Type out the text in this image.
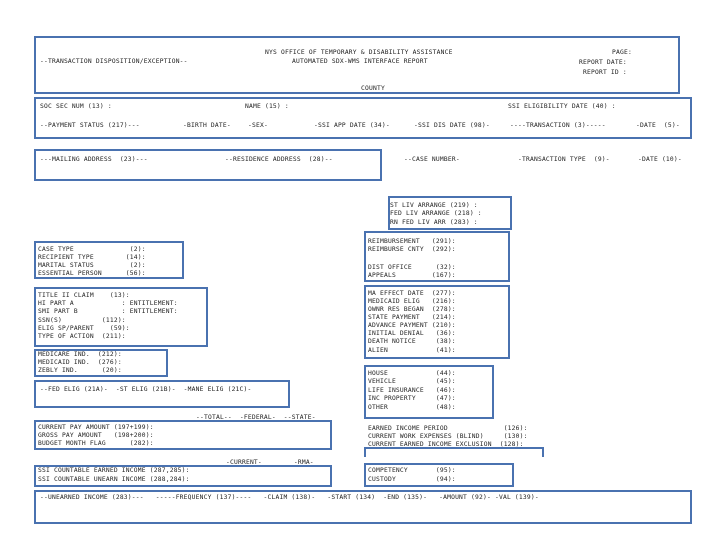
NYS OFFICE OF TEMPORARY & DISABILITY ASSISTANCE
AUTOMATED SDX-WMS INTERFACE REPORT
--TRANSACTION DISPOSITION/EXCEPTION--
PAGE:
REPORT DATE:
REPORT ID :
COUNTY
SOC SEC NUM (13) :	NAME (15) :	SSI ELIGIBILITY DATE (40) :
--PAYMENT STATUS (217)---	-BIRTH DATE-	-SEX-	-SSI APP DATE (34)-	-SSI DIS DATE (98)-	----TRANSACTION (3)-----	-DATE  (5)-
---MAILING ADDRESS  (23)---	--RESIDENCE ADDRESS  (28)--	--CASE NUMBER-	-TRANSACTION TYPE  (9)-	-DATE (10)-
ST LIV ARRANGE (219) :
FED LIV ARRANGE (218) :
RN FED LIV ARR (283) :
CASE TYPE              (2):
RECIPIENT TYPE        (14):
MARITAL STATUS         (2):
ESSENTIAL PERSON      (56):
REIMBURSEMENT   (291):
REIMBURSE CNTY  (292):
DIST OFFICE      (32):
APPEALS         (167):
TITLE II CLAIM    (13):
HI PART A            : ENTITLEMENT:
SMI PART B           : ENTITLEMENT:
SSN(S)          (112):
ELIG SP/PARENT    (59):
TYPE OF ACTION  (211):
MEDICARE IND.  (212):
MEDICAID IND.  (276):
ZEBLY IND.      (20):
MA EFFECT DATE  (277):
MEDICAID ELIG   (216):
OWNR RES BEGAN  (278):
STATE PAYMENT   (214):
ADVANCE PAYMENT (210):
INITIAL DENIAL   (36):
DEATH NOTICE     (38):
ALIEN            (41):
--FED ELIG (21A)-  -ST ELIG (21B)-  -MANE ELIG (21C)-
HOUSE            (44):
VEHICLE          (45):
LIFE INSURANCE   (46):
INC PROPERTY     (47):
OTHER            (48):
--TOTAL--  -FEDERAL-  --STATE-
CURRENT PAY AMOUNT (197+199):
GROSS PAY AMOUNT   (198+200):
BUDGET MONTH FLAG      (282):
EARNED INCOME PERIOD              (126):
CURRENT WORK EXPENSES (BLIND)     (130):
CURRENT EARNED INCOME EXCLUSION  (128):
-CURRENT-        -RMA-
SSI COUNTABLE EARNED INCOME (287,285):
SSI COUNTABLE UNEARN INCOME (288,284):
COMPETENCY       (95):
CUSTODY          (94):
--UNEARNED INCOME (283)---   -----FREQUENCY (137)----   -CLAIM (138)-   -START (134)  -END (135)-   -AMOUNT (92)- -VAL (139)-
